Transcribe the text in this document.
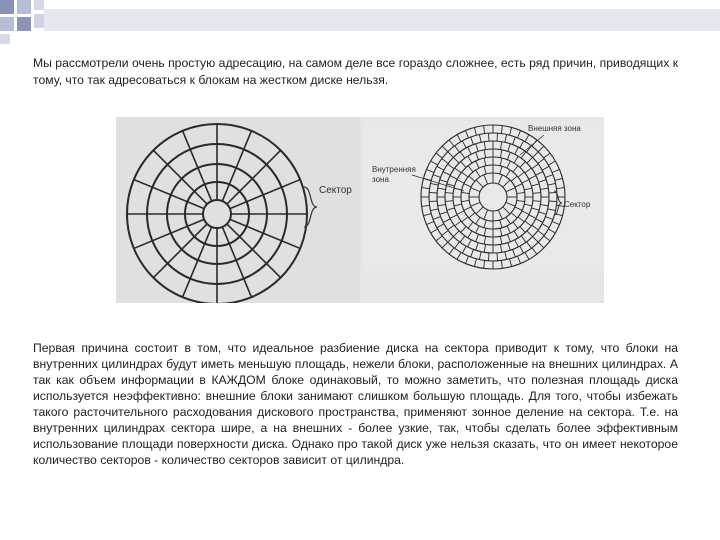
Мы рассмотрели очень простую адресацию, на самом деле все гораздо сложнее, есть ряд причин, приводящих к тому, что так адресоваться к блокам на жестком диске нельзя.

Сектор
Внешняя зона
Внутренняя
зона
Сектор

Первая причина состоит в том, что идеальное разбиение диска на сектора приводит к тому, что блоки на внутренних цилиндрах будут иметь меньшую площадь, нежели блоки, расположенные на внешних цилиндрах. А так как объем информации в КАЖДОМ блоке одинаковый, то можно заметить, что полезная площадь диска используется неэффективно: внешние блоки занимают слишком большую площадь. Для того, чтобы избежать такого расточительного расходования дискового пространства, применяют зонное деление на сектора. Т.е. на внутренних цилиндрах сектора шире, а на внешних - более узкие, так, чтобы сделать более эффективным использование площади поверхности диска. Однако про такой диск уже нельзя сказать, что он имеет некоторое количество секторов - количество секторов зависит от цилиндра.
